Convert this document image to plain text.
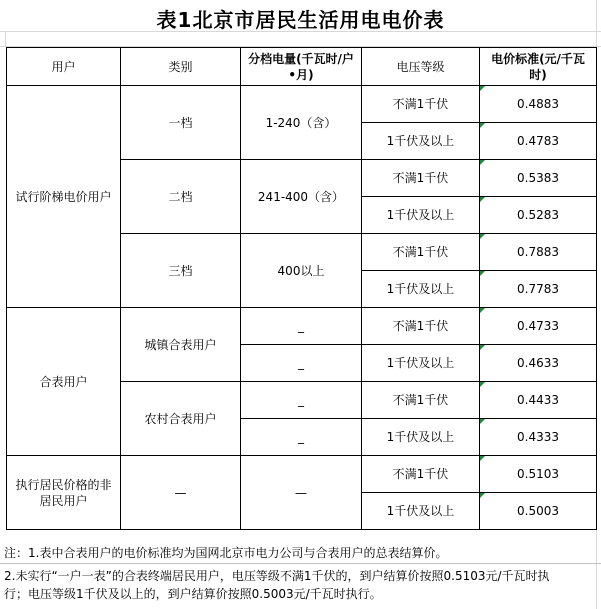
表1北京市居民生活用电电价表
用户	类别	分档电量(千瓦时/户•月)	电压等级	电价标准(元/千瓦时)
试行阶梯电价用户	一档	1-240（含）	不满1千伏	0.4883
			1千伏及以上	0.4783
	二档	241-400（含）	不满1千伏	0.5383
			1千伏及以上	0.5283
	三档	400以上	不满1千伏	0.7883
			1千伏及以上	0.7783
合表用户	城镇合表用户	_	不满1千伏	0.4733
		_	1千伏及以上	0.4633
	农村合表用户	_	不满1千伏	0.4433
		_	1千伏及以上	0.4333
执行居民价格的非居民用户	—	—	不满1千伏	0.5103
			1千伏及以上	0.5003
注：1.表中合表用户的电价标准均为国网北京市电力公司与合表用户的总表结算价。
2.未实行“一户一表”的合表终端居民用户，电压等级不满1千伏的，到户结算价按照0.5103元/千瓦时执
行；电压等级1千伏及以上的，到户结算价按照0.5003元/千瓦时执行。
